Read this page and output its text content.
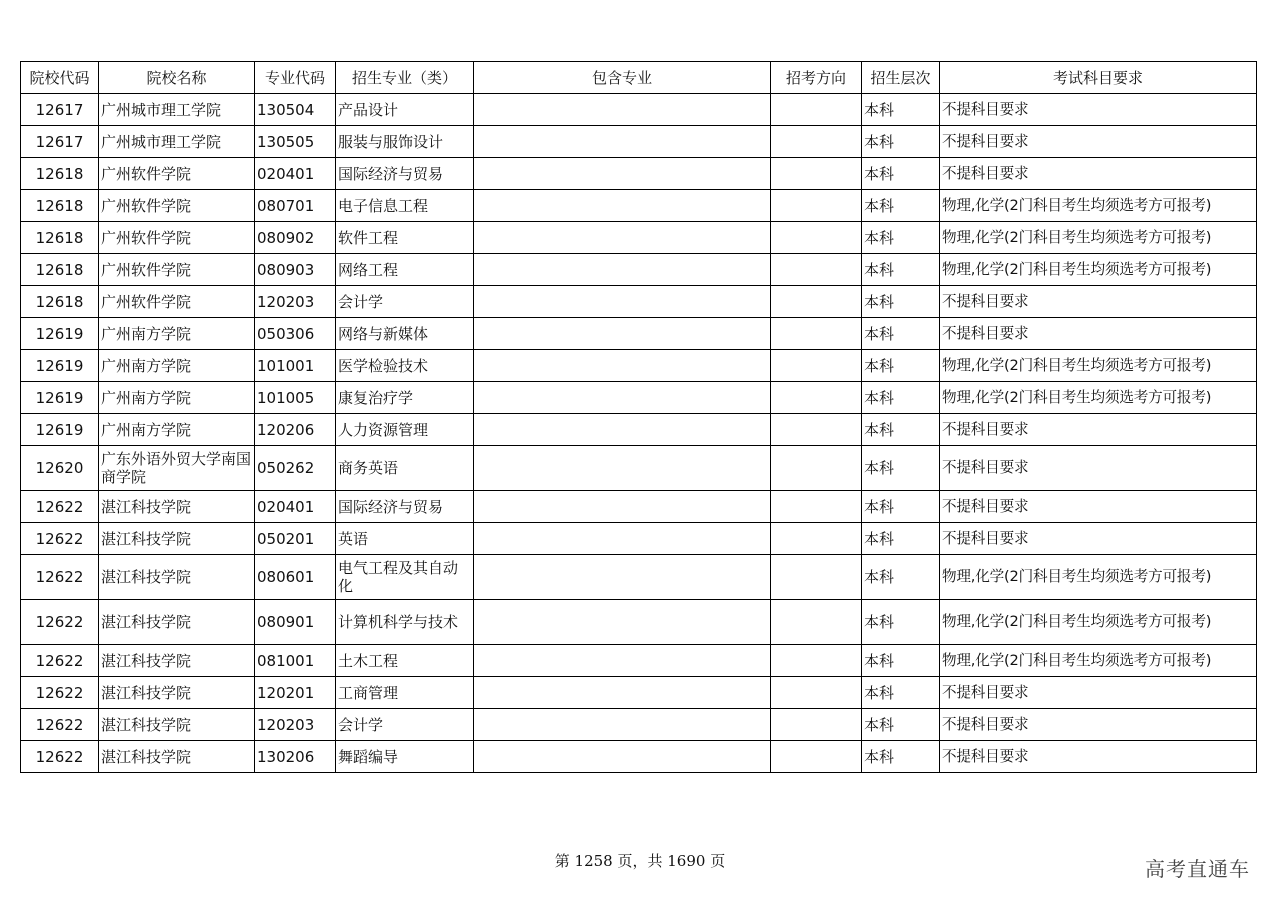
院校代码	院校名称	专业代码	招生专业（类）	包含专业	招考方向	招生层次	考试科目要求
12617	广州城市理工学院	130504	产品设计			本科	不提科目要求
12617	广州城市理工学院	130505	服装与服饰设计			本科	不提科目要求
12618	广州软件学院	020401	国际经济与贸易			本科	不提科目要求
12618	广州软件学院	080701	电子信息工程			本科	物理,化学(2门科目考生均须选考方可报考)
12618	广州软件学院	080902	软件工程			本科	物理,化学(2门科目考生均须选考方可报考)
12618	广州软件学院	080903	网络工程			本科	物理,化学(2门科目考生均须选考方可报考)
12618	广州软件学院	120203	会计学			本科	不提科目要求
12619	广州南方学院	050306	网络与新媒体			本科	不提科目要求
12619	广州南方学院	101001	医学检验技术			本科	物理,化学(2门科目考生均须选考方可报考)
12619	广州南方学院	101005	康复治疗学			本科	物理,化学(2门科目考生均须选考方可报考)
12619	广州南方学院	120206	人力资源管理			本科	不提科目要求
12620	广东外语外贸大学南国商学院	050262	商务英语			本科	不提科目要求
12622	湛江科技学院	020401	国际经济与贸易			本科	不提科目要求
12622	湛江科技学院	050201	英语			本科	不提科目要求
12622	湛江科技学院	080601	电气工程及其自动化			本科	物理,化学(2门科目考生均须选考方可报考)
12622	湛江科技学院	080901	计算机科学与技术			本科	物理,化学(2门科目考生均须选考方可报考)
12622	湛江科技学院	081001	土木工程			本科	物理,化学(2门科目考生均须选考方可报考)
12622	湛江科技学院	120201	工商管理			本科	不提科目要求
12622	湛江科技学院	120203	会计学			本科	不提科目要求
12622	湛江科技学院	130206	舞蹈编导			本科	不提科目要求
第 1258 页，共 1690 页	高考直通车
